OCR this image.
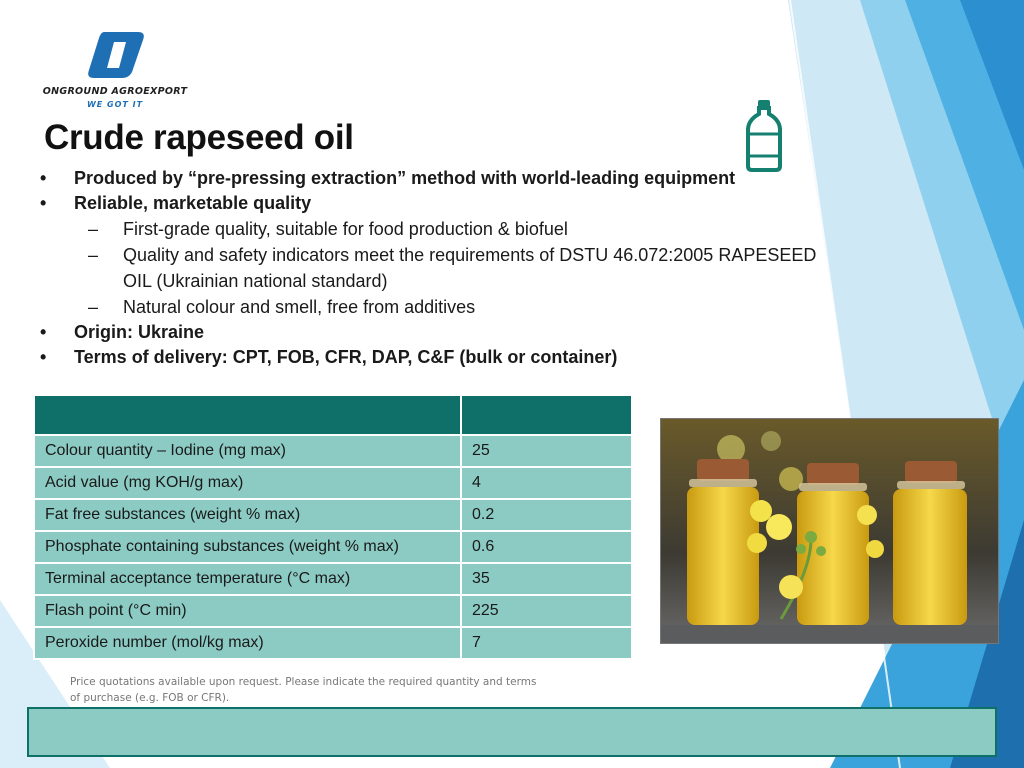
ONGROUND AGROEXPORT
WE GOT IT
Crude rapeseed oil
• Produced by “pre-pressing extraction” method with world-leading equipment
• Reliable, marketable quality
– First-grade quality, suitable for food production & biofuel
– Quality and safety indicators meet the requirements of DSTU 46.072:2005 RAPESEED OIL (Ukrainian national standard)
– Natural colour and smell, free from additives
• Origin: Ukraine
• Terms of delivery: CPT, FOB, CFR, DAP, C&F (bulk or container)

Colour quantity – Iodine (mg max)	25
Acid value (mg KOH/g max)	4
Fat free substances (weight % max)	0.2
Phosphate containing substances (weight % max)	0.6
Terminal acceptance temperature (°C max)	35
Flash point (°C min)	225
Peroxide number (mol/kg max)	7
Price quotations available upon request. Please indicate the required quantity and terms
of purchase (e.g. FOB or CFR).
